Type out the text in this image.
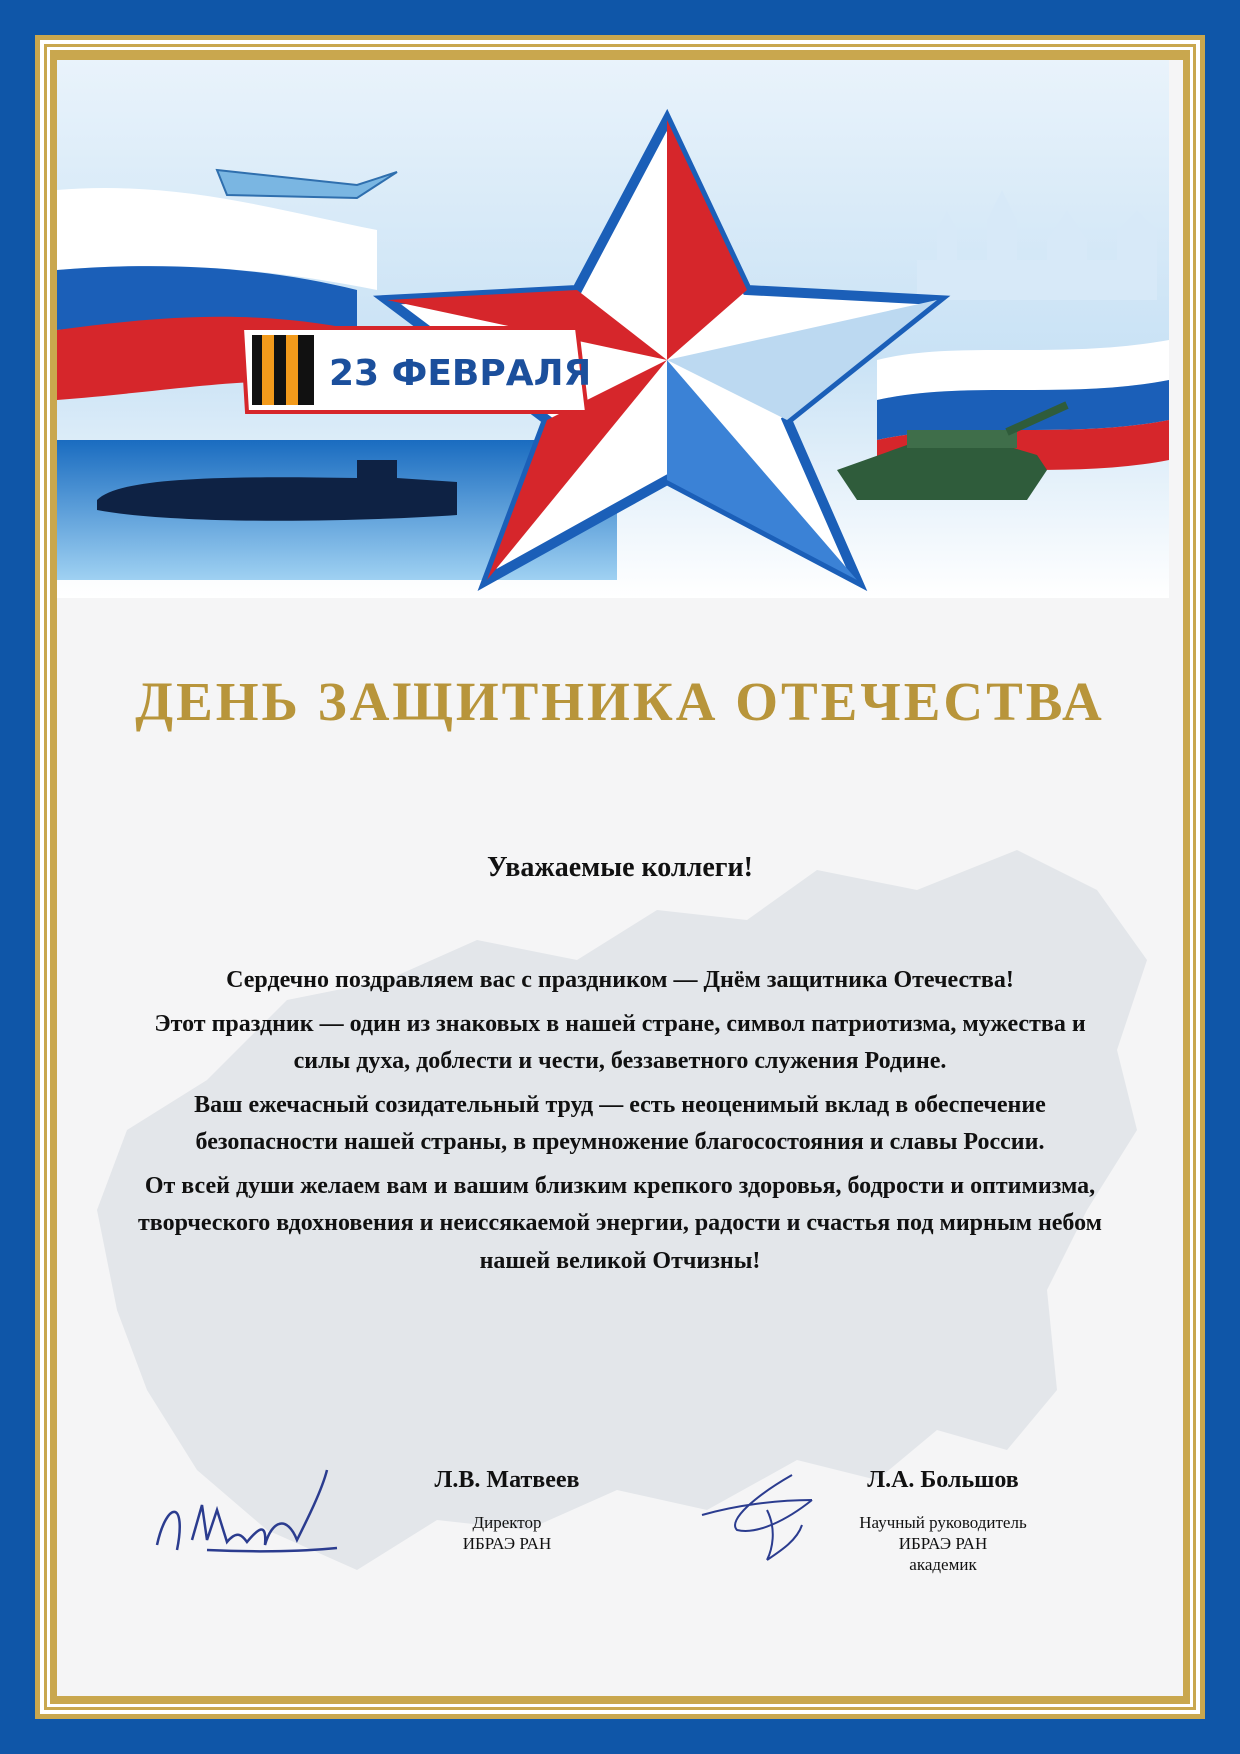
23 ФЕВРАЛЯ
ДЕНЬ ЗАЩИТНИКА ОТЕЧЕСТВА
Уважаемые коллеги!

Сердечно поздравляем вас с праздником — Днём защитника Отечества!

Этот праздник — один из знаковых в нашей стране, символ патриотизма, мужества и силы духа, доблести и чести, беззаветного служения Родине.

Ваш ежечасный созидательный труд — есть неоценимый вклад в обеспечение безопасности нашей страны, в преумножение благосостояния и славы России.

От всей души желаем вам и вашим близким крепкого здоровья, бодрости и оптимизма, творческого вдохновения и неиссякаемой энергии, радости и счастья под мирным небом нашей великой Отчизны!

Л.В. Матвеев
Директор
ИБРАЭ РАН
Л.А. Большов
Научный руководитель
ИБРАЭ РАН
академик
